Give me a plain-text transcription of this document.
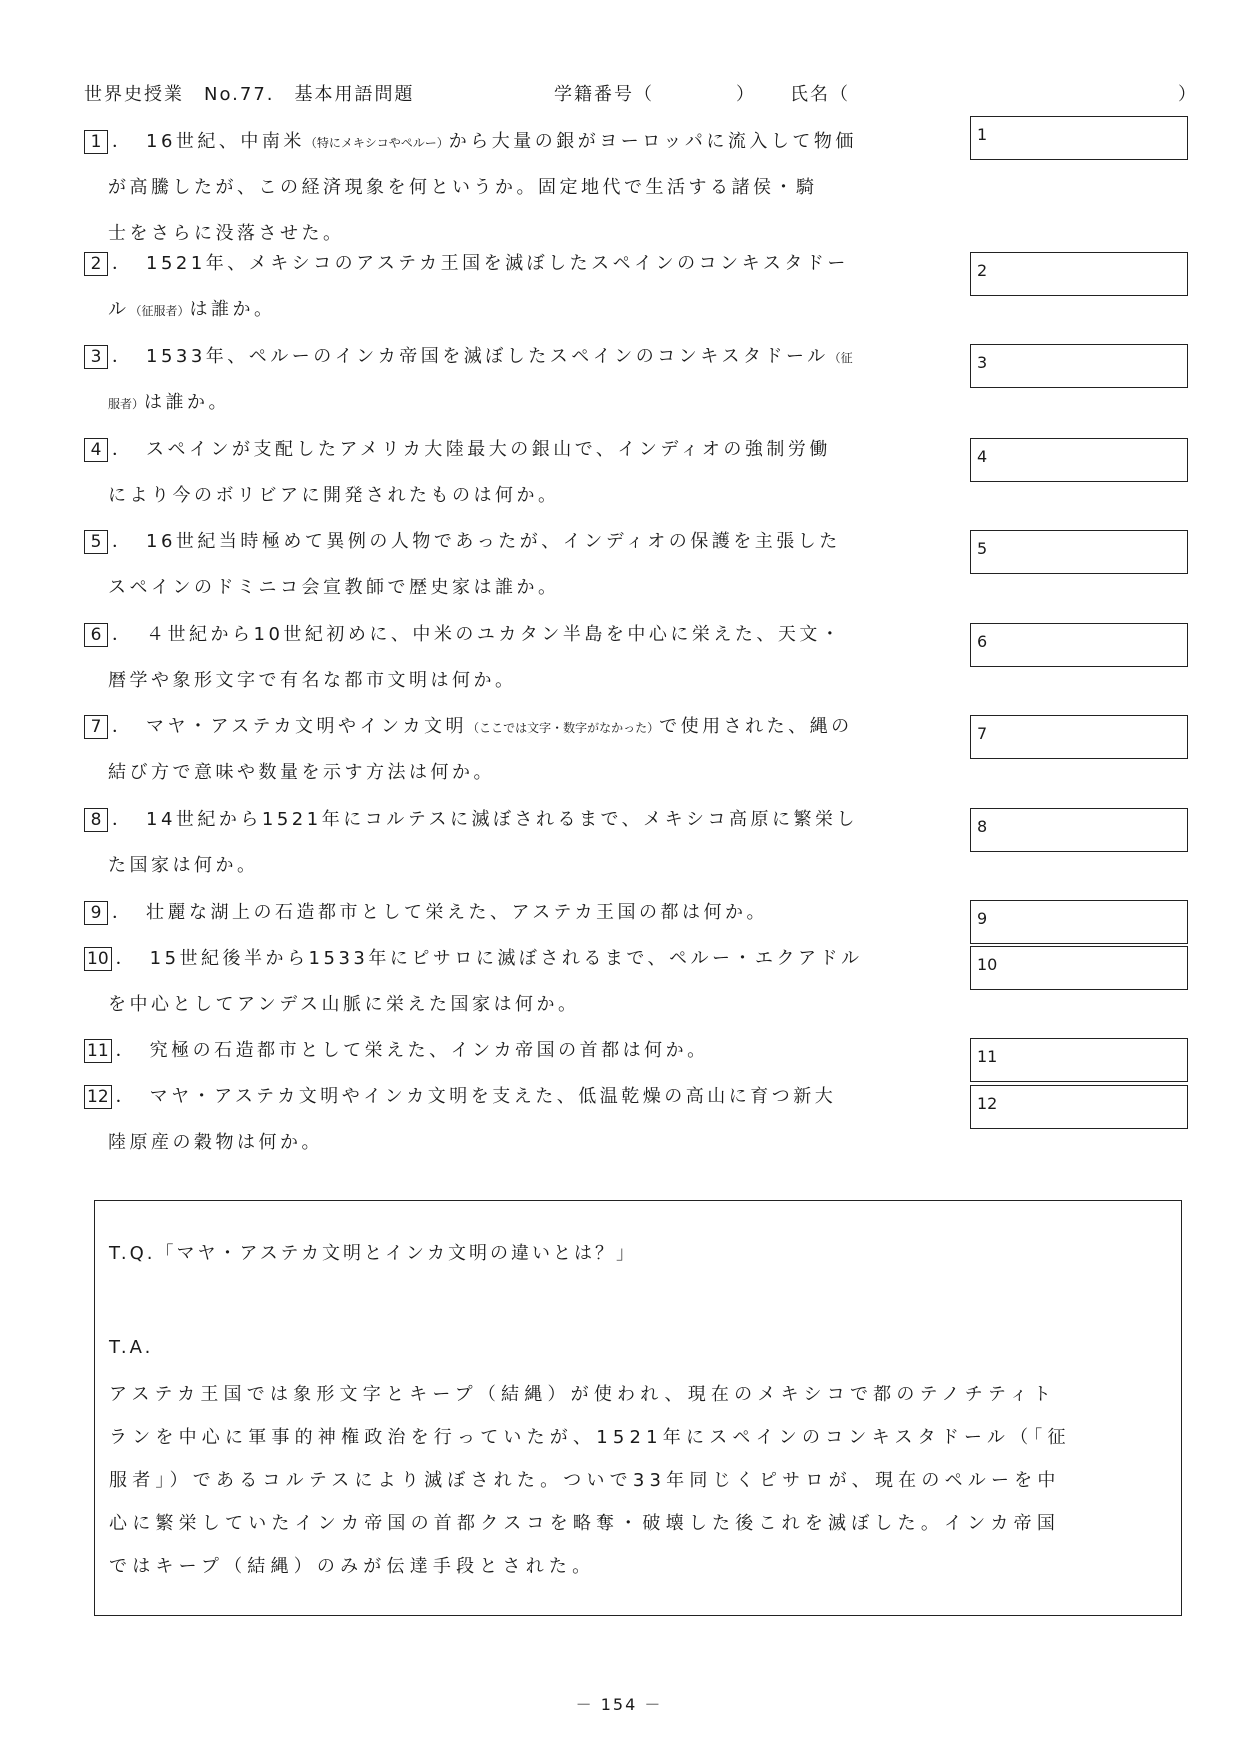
世界史授業　No.77.　基本用語問題	学籍番号（	） 氏名（	）
1 ．　16世紀、中南米（特にメキシコやペルー）から大量の銀がヨーロッパに流入して物価
が高騰したが、この経済現象を何というか。固定地代で生活する諸侯・騎
士をさらに没落させた。
1
2 ．　1521年、メキシコのアステカ王国を滅ぼしたスペインのコンキスタドー
ル（征服者）は誰か。
2
3 ．　1533年、ペルーのインカ帝国を滅ぼしたスペインのコンキスタドール（征
服者）は誰か。
3
4 ．　スペインが支配したアメリカ大陸最大の銀山で、インディオの強制労働
により今のボリビアに開発されたものは何か。
4
5 ．　16世紀当時極めて異例の人物であったが、インディオの保護を主張した
スペインのドミニコ会宣教師で歴史家は誰か。
5
6 ．　４世紀から10世紀初めに、中米のユカタン半島を中心に栄えた、天文・
暦学や象形文字で有名な都市文明は何か。
6
7 ．　マヤ・アステカ文明やインカ文明（ここでは文字・数字がなかった）で使用された、縄の
結び方で意味や数量を示す方法は何か。
7
8 ．　14世紀から1521年にコルテスに滅ぼされるまで、メキシコ高原に繁栄し
た国家は何か。
8
9 ．　壮麗な湖上の石造都市として栄えた、アステカ王国の都は何か。	9
10 ．　15世紀後半から1533年にピサロに滅ぼされるまで、ペルー・エクアドル
を中心としてアンデス山脈に栄えた国家は何か。
10
11 ．　究極の石造都市として栄えた、インカ帝国の首都は何か。	11
12 ．　マヤ・アステカ文明やインカ文明を支えた、低温乾燥の高山に育つ新大
陸原産の穀物は何か。
12
T.Q.「マヤ・アステカ文明とインカ文明の違いとは？」
T.A.
アステカ王国では象形文字とキープ（結縄）が使われ、現在のメキシコで都のテノチティト
ランを中心に軍事的神権政治を行っていたが、1521年にスペインのコンキスタドール（「征
服者」）であるコルテスにより滅ぼされた。ついで33年同じくピサロが、現在のペルーを中
心に繁栄していたインカ帝国の首都クスコを略奪・破壊した後これを滅ぼした。インカ帝国
ではキープ（結縄）のみが伝達手段とされた。
－ 154 －
